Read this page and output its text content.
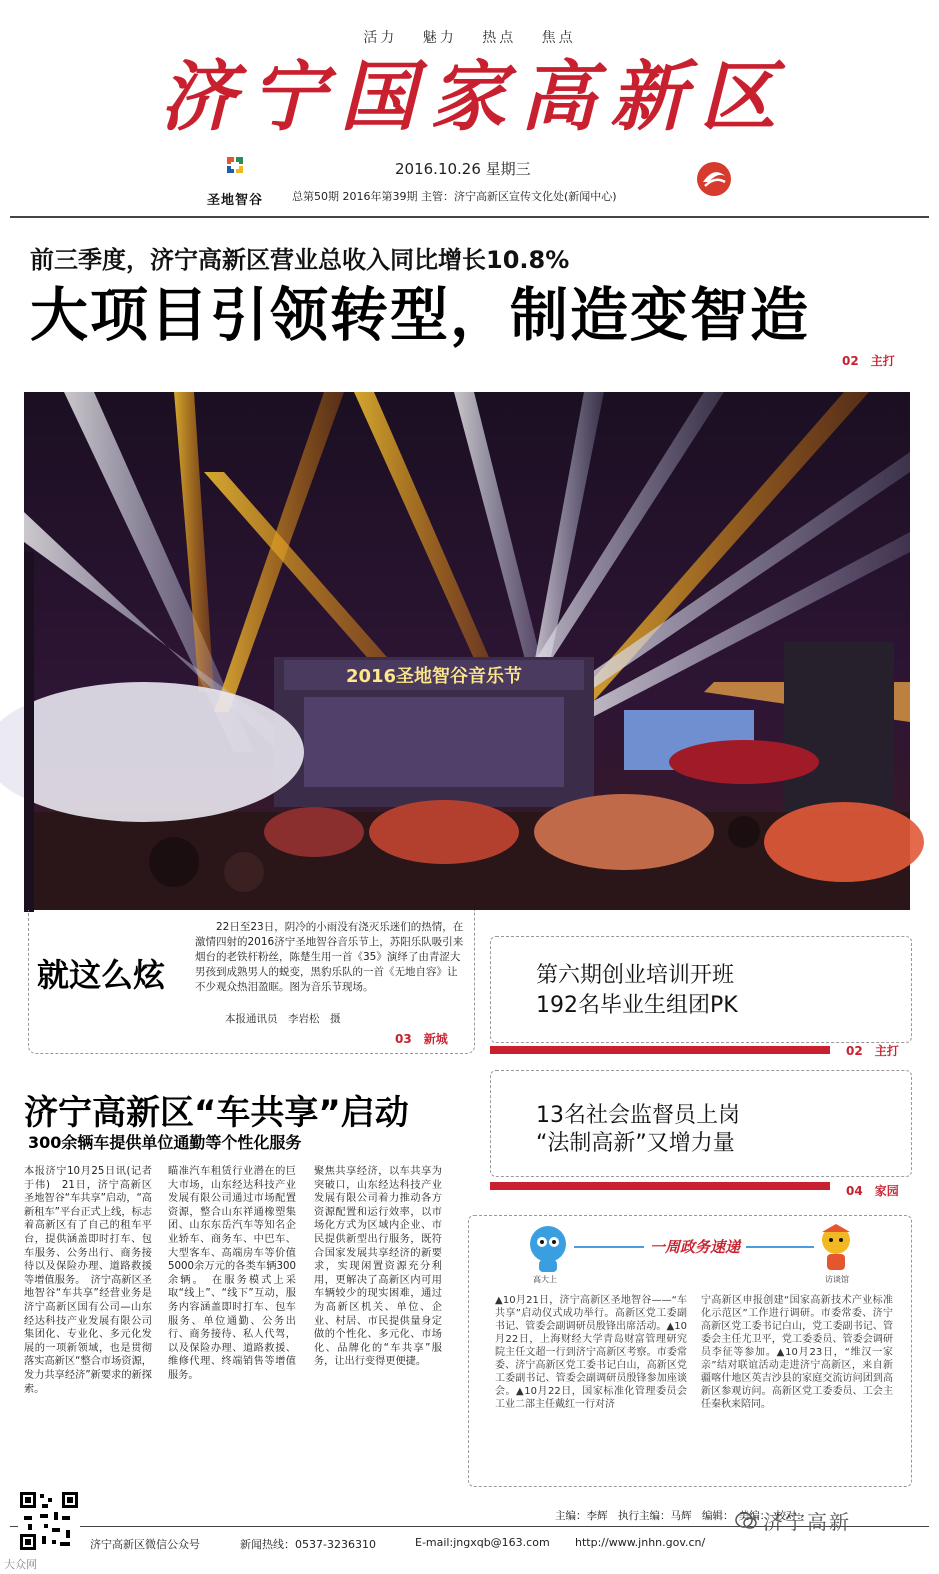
活力 魅力 热点 焦点
济宁国家高新区
圣地智谷
2016.10.26 星期三
总第50期 2016年第39期 主管：济宁高新区宣传文化处(新闻中心)
前三季度，济宁高新区营业总收入同比增长10.8%
大项目引领转型，制造变智造
02　主打
2016圣地智谷音乐节
就这么炫
22日至23日，阴冷的小雨没有浇灭乐迷们的热情，在激情四射的2016济宁圣地智谷音乐节上，苏阳乐队吸引来烟台的老铁杆粉丝，陈楚生用一首《35》演绎了由青涩大男孩到成熟男人的蜕变，黑豹乐队的一首《无地自容》让不少观众热泪盈眶。图为音乐节现场。
本报通讯员　李岩松　摄
03　新城
第六期创业培训开班
192名毕业生组团PK
02　主打
13名社会监督员上岗
“法制高新”又增力量
04　家园
济宁高新区“车共享”启动
300余辆车提供单位通勤等个性化服务
本报济宁10月25日讯(记者　于伟)　21日，济宁高新区圣地智谷“车共享”启动，“高新租车”平台正式上线，标志着高新区有了自己的租车平台，提供涵盖即时打车、包车服务、公务出行、商务接待以及保险办理、道路救援等增值服务。　济宁高新区圣地智谷“车共享”经营业务是济宁高新区国有公司—山东经达科技产业发展有限公司集团化、专业化、多元化发展的一项新领域，也是贯彻落实高新区“整合市场资源，发力共享经济”新要求的新探索。
瞄准汽车租赁行业潜在的巨大市场，山东经达科技产业发展有限公司通过市场配置资源，整合山东祥通橡塑集团、山东东岳汽车等知名企业轿车、商务车、中巴车、大型客车、高端房车等价值5000余万元的各类车辆300余辆。　在服务模式上采取“线上”、“线下”互动，服务内容涵盖即时打车、包车服务、单位通勤、公务出行、商务接待、私人代驾，以及保险办理、道路救援、维修代理、终端销售等增值服务。
聚焦共享经济，以车共享为突破口，山东经达科技产业发展有限公司着力推动各方资源配置和运行效率，以市场化方式为区域内企业、市民提供新型出行服务，既符合国家发展共享经济的新要求，实现闲置资源充分利用，更解决了高新区内可用车辆较少的现实困难，通过为高新区机关、单位、企业、村居、市民提供量身定做的个性化、多元化、市场化、品牌化的“车共享”服务，让出行变得更便捷。
高大上
一周政务速递
访谈馆
▲10月21日，济宁高新区圣地智谷——“车共享”启动仪式成功举行。高新区党工委副书记、管委会副调研员殷锋出席活动。▲10月22日，上海财经大学青岛财富管理研究院主任文超一行到济宁高新区考察。市委常委、济宁高新区党工委书记白山，高新区党工委副书记、管委会副调研员殷锋参加座谈会。▲10月22日，国家标准化管理委员会工业二部主任戴红一行对济
宁高新区申报创建“国家高新技术产业标准化示范区”工作进行调研。市委常委、济宁高新区党工委书记白山，党工委副书记、管委会主任尤卫平，党工委委员、管委会调研员李征等参加。▲10月23日，“维汉一家亲”结对联谊活动走进济宁高新区，来自新疆喀什地区英吉沙县的家庭交流访问团到高新区参观访问。高新区党工委委员、工会主任秦秋来陪同。
主编：李辉　执行主编：马辉　编辑：　美编：　校对：
济宁高新区微信公众号	新闻热线：0537-3236310	E-mail:jngxqb@163.com http://www.jnhn.gov.cn/
济宁高新
大众网
